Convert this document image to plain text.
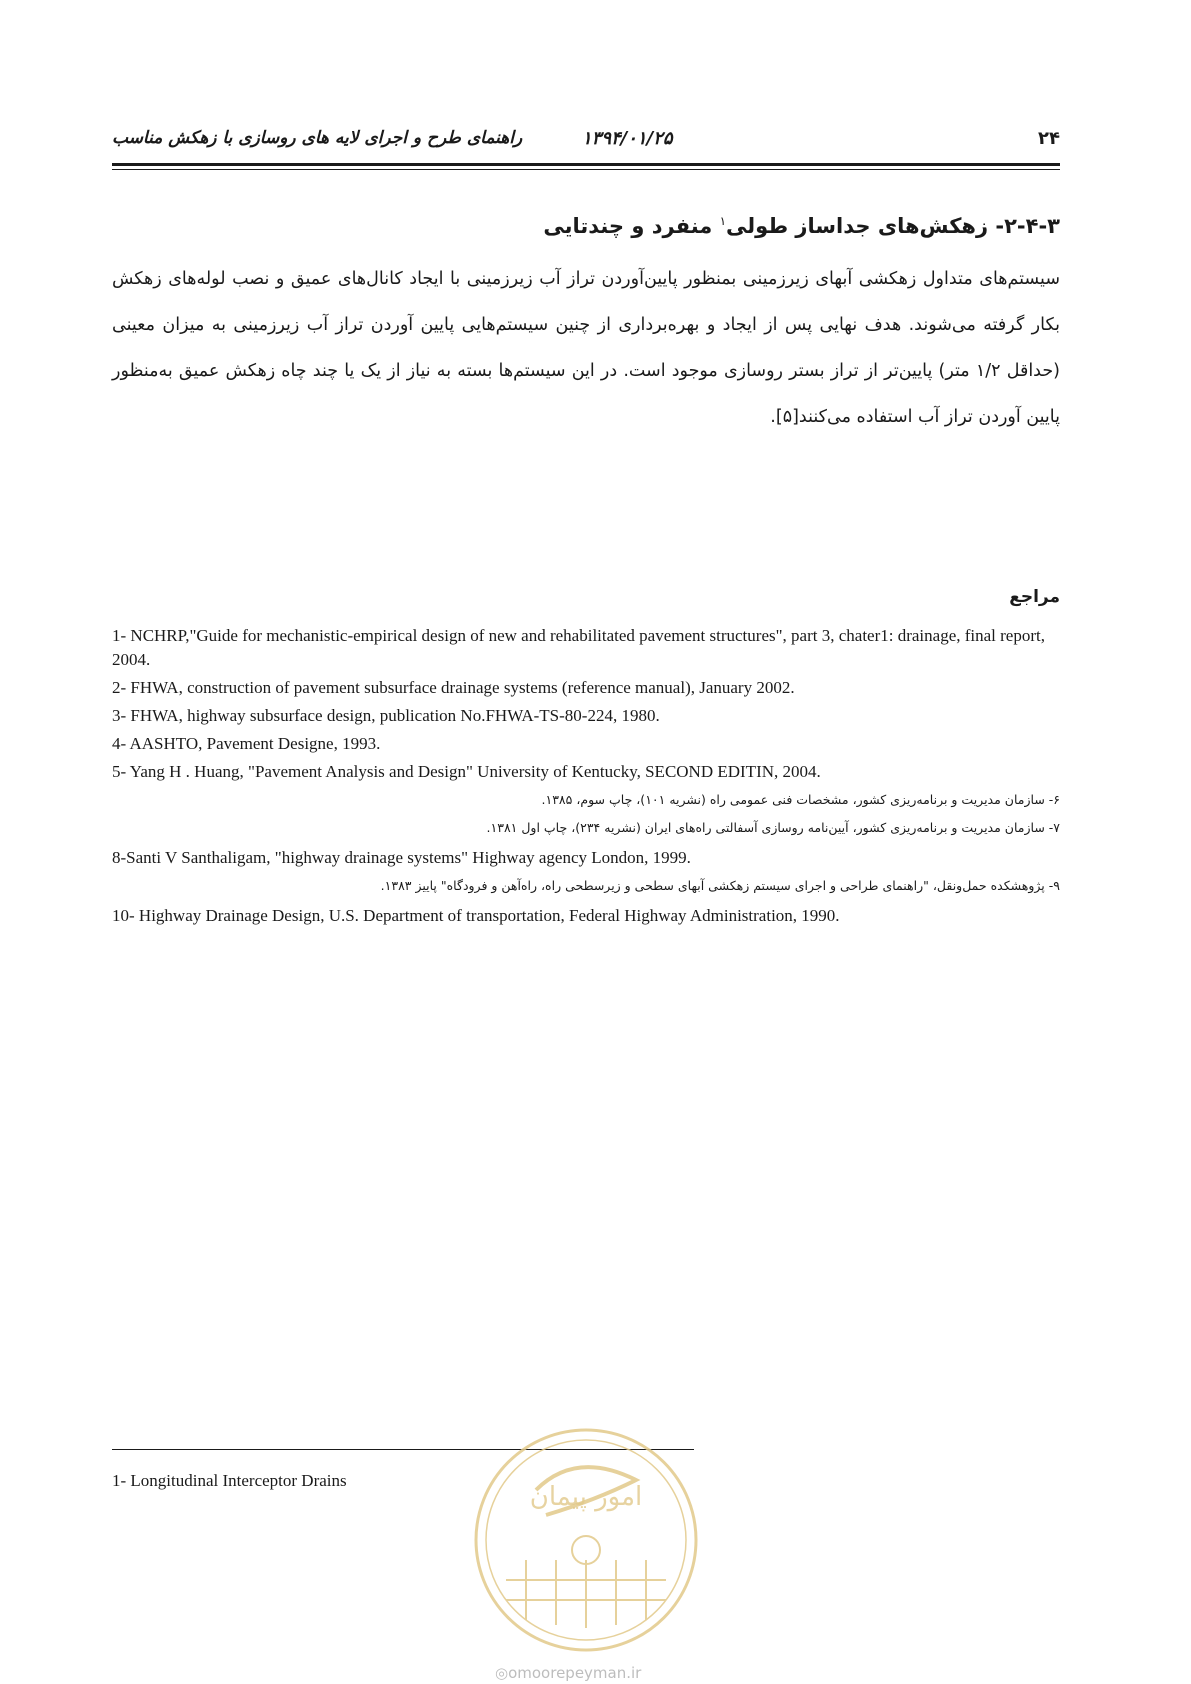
راهنمای طرح و اجرای لایه های روسازی با زهکش مناسب	۱۳۹۴/۰۱/۲۵	۲۴
۲-۴-۳- زهکش‌های جداساز طولی$^۱$ منفرد و چندتایی
سیستم‌های متداول زهکشی آبهای زیرزمینی بمنظور پایین‌آوردن تراز آب زیرزمینی با ایجاد کانال‌های عمیق و نصب لوله‌های زهکش بکار گرفته می‌شوند. هدف نهایی پس از ایجاد و بهره‌برداری از چنین سیستم‌هایی پایین آوردن تراز آب زیرزمینی به میزان معینی (حداقل ۱/۲ متر) پایین‌تر از تراز بستر روسازی موجود است. در این سیستم‌ها بسته به نیاز از یک یا چند چاه زهکش عمیق به‌منظور پایین آوردن تراز آب استفاده می‌کنند[۵].
مراجع
1- NCHRP,"Guide for mechanistic-empirical design of new and rehabilitated pavement structures", part 3, chater1: drainage, final report, 2004.
2- FHWA, construction of pavement subsurface drainage systems (reference manual), January 2002.
3- FHWA, highway subsurface design, publication No.FHWA-TS-80-224, 1980.
4- AASHTO, Pavement Designe, 1993.
5- Yang H . Huang, "Pavement Analysis and Design" University of Kentucky, SECOND EDITIN, 2004.
۶- سازمان مدیریت و برنامه‌ریزی کشور، مشخصات فنی عمومی راه (نشریه ۱۰۱)، چاپ سوم، ۱۳۸۵.
۷- سازمان مدیریت و برنامه‌ریزی کشور، آیین‌نامه روسازی آسفالتی راه‌های ایران (نشریه ۲۳۴)، چاپ اول ۱۳۸۱.
8-Santi V Santhaligam, "highway drainage systems" Highway agency London, 1999.
۹- پژوهشکده حمل‌ونقل، "راهنمای طراحی و اجرای سیستم زهکشی آبهای سطحی و زیرسطحی راه، راه‌آهن و فرودگاه" پاییز ۱۳۸۳.
10- Highway Drainage Design, U.S. Department of transportation, Federal Highway Administration, 1990.
1- Longitudinal Interceptor Drains
امور پیمان
◎omoorepeyman.ir
